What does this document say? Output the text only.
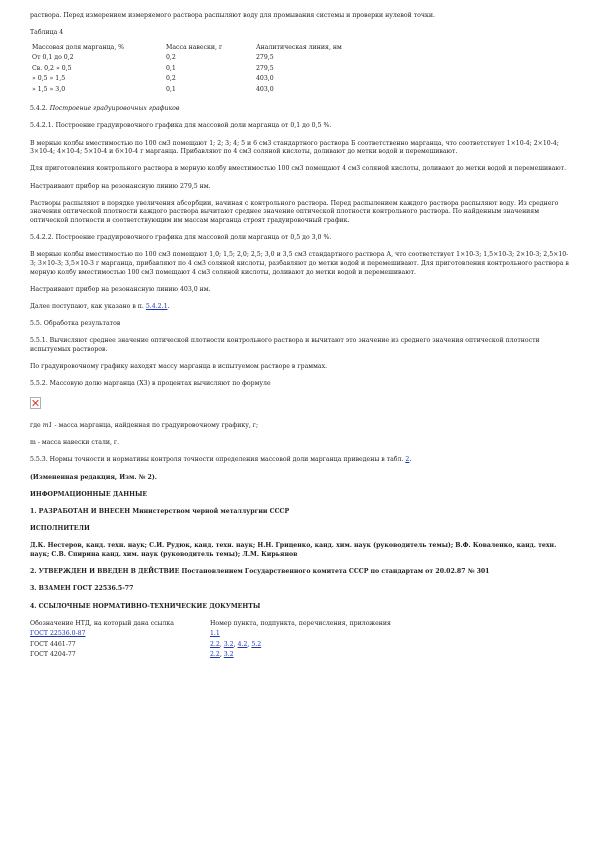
раствора. Перед измерением измеряемого раствора распыляют воду для промывания системы и проверки нулевой точки.

Таблица 4

Массовая доля марганца, %	Масса навески, г	Аналитическая линия, нм
От 0,1 до 0,2	0,2	279,5
Св. 0,2 » 0,5	0,1	279,5
» 0,5 » 1,5	0,2	403,0
» 1,5 » 3,0	0,1	403,0

5.4.2. Построение градуировочных графиков

5.4.2.1. Построение градуировочного графика для массовой доли марганца от 0,1 до 0,5 %.

В мерные колбы вместимостью по 100 см3 помещают 1; 2; 3; 4; 5 и 6 см3 стандартного раствора Б соответственно марганца, что соответствует 1×10-4; 2×10-4; 3×10-4; 4×10-4; 5×10-4 и 6×10-4 г марганца. Прибавляют по 4 см3 соляной кислоты, доливают до метки водой и перемешивают.

Для приготовления контрольного раствора в мерную колбу вместимостью 100 см3 помещают 4 см3 соляной кислоты, доливают до метки водой и перемешивают.

Настраивают прибор на резонансную линию 279,5 нм.

Растворы распыляют в порядке увеличения абсорбции, начиная с контрольного раствора. Перед распылением каждого раствора распыляют воду. Из среднего значения оптической плотности каждого раствора вычитают среднее значение оптической плотности контрольного раствора. По найденным значениям оптической плотности и соответствующим им массам марганца строят градуировочный график.

5.4.2.2. Построение градуировочного графика для массовой доли марганца от 0,5 до 3,0 %.

В мерные колбы вместимостью по 100 см3 помещают 1,0; 1,5; 2,0; 2,5; 3,0 и 3,5 см3 стандартного раствора А, что соответствует 1×10-3; 1,5×10-3; 2×10-3; 2,5×10-3; 3×10-3; 3,5×10-3 г марганца, прибавляют по 4 см3 соляной кислоты, разбавляют до метки водой и перемешивают. Для приготовления контрольного раствора в мерную колбу вместимостью 100 см3 помещают 4 см3 соляной кислоты, доливают до метки водой и перемешивают.

Настраивают прибор на резонансную линию 403,0 нм.

Далее поступают, как указано в п. 5.4.2.1.

5.5. Обработка результатов

5.5.1. Вычисляют среднее значение оптической плотности контрольного раствора и вычитают это значение из среднего значения оптической плотности испытуемых растворов.

По градуировочному графику находят массу марганца в испытуемом растворе в граммах.

5.5.2. Массовую долю марганца (Х3) в процентах вычисляют по формуле

где m1 - масса марганца, найденная по градуировочному графику, г;

m - масса навески стали, г.

5.5.3. Нормы точности и нормативы контроля точности определения массовой доли марганца приведены в табл. 2.

(Измененная редакция, Изм. № 2).

ИНФОРМАЦИОННЫЕ ДАННЫЕ

1. РАЗРАБОТАН И ВНЕСЕН Министерством черной металлургии СССР

ИСПОЛНИТЕЛИ

Д.К. Нестеров, канд. техн. наук; С.И. Рудюк, канд. техн. наук; Н.Н. Гриценко, канд. хим. наук (руководитель темы); В.Ф. Коваленко, канд. техн. наук; С.В. Спирина канд. хим. наук (руководитель темы); Л.М. Кирьянов

2. УТВЕРЖДЕН И ВВЕДЕН В ДЕЙСТВИЕ Постановлением Государственного комитета СССР по стандартам от 20.02.87 № 301

3. ВЗАМЕН ГОСТ 22536.5-77

4. ССЫЛОЧНЫЕ НОРМАТИВНО-ТЕХНИЧЕСКИЕ ДОКУМЕНТЫ

Обозначение НТД, на который дана ссылка	Номер пункта, подпункта, перечисления, приложения
ГОСТ 22536.0-87	1.1
ГОСТ 4461-77	2.2, 3.2, 4.2, 5.2
ГОСТ 4204-77	2.2, 3.2
